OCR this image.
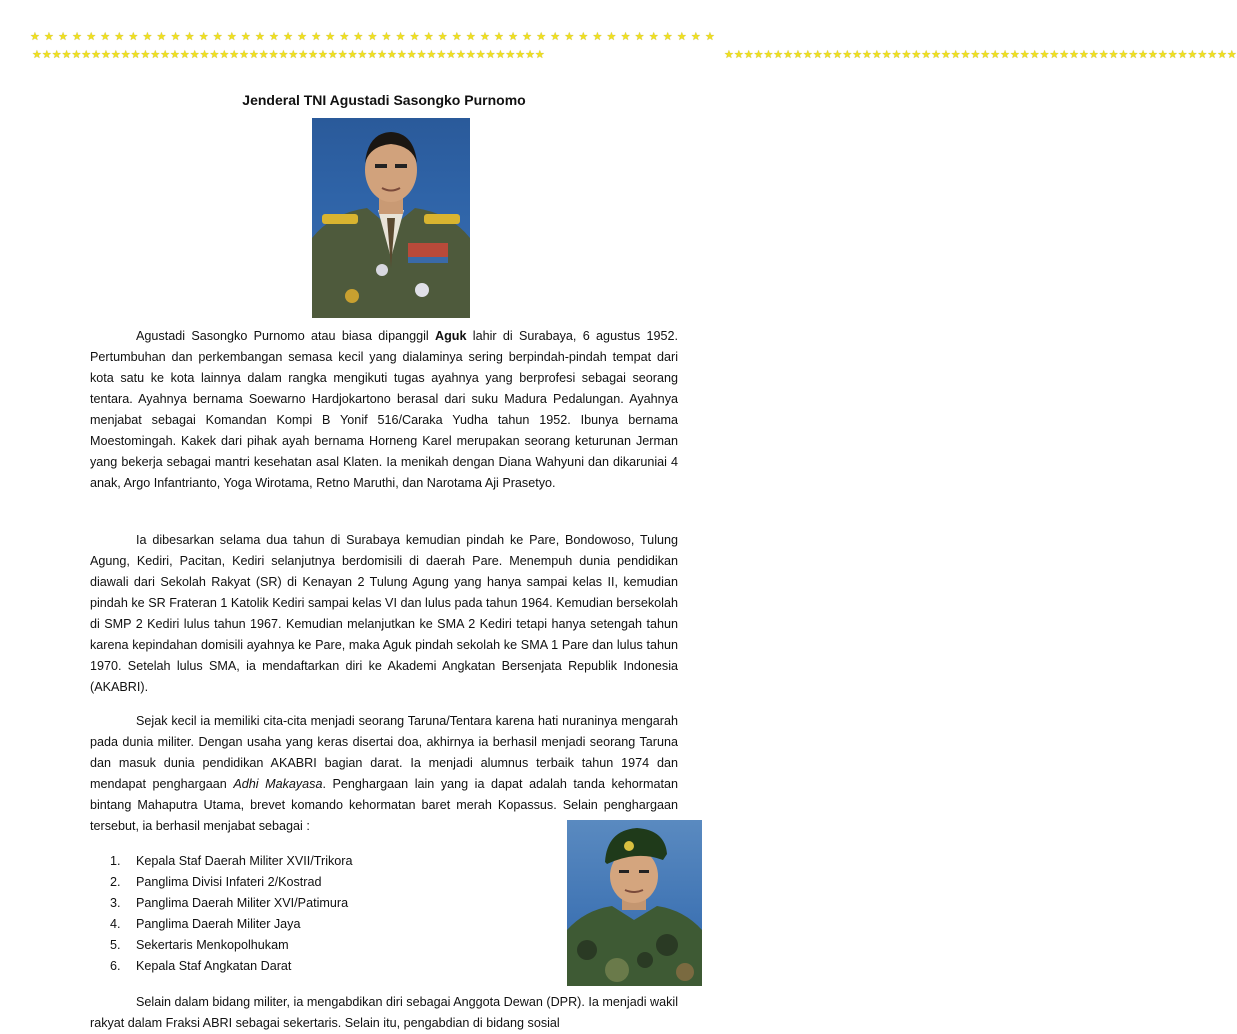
★★★★★★★★★★★★★★★★★★★★★★★★★★★★★★★★★★★★★★★★★★★★★★★★★
★★★★★★★★★★★★★★★★★★★★★★★★★★★★★★★★★★★★★★★★★★★★★★★★★★★★	★★★★★★★★★★★★★★★★★★★★★★★★★★★★★★★★★★★★★★★★★★★★★★★★★★★★
Jenderal TNI Agustadi Sasongko Purnomo
Agustadi Sasongko Purnomo atau biasa dipanggil Aguk lahir di Surabaya, 6 agustus 1952. Pertumbuhan dan perkembangan semasa kecil yang dialaminya sering berpindah-pindah tempat dari kota satu ke kota lainnya dalam rangka mengikuti tugas ayahnya yang berprofesi sebagai seorang tentara. Ayahnya bernama Soewarno Hardjokartono berasal dari suku Madura Pedalungan. Ayahnya menjabat sebagai Komandan Kompi B Yonif 516/Caraka Yudha tahun 1952. Ibunya bernama Moestomingah. Kakek dari pihak ayah bernama Horneng Karel merupakan seorang keturunan Jerman yang bekerja sebagai mantri kesehatan asal Klaten. Ia menikah dengan Diana Wahyuni dan dikaruniai 4 anak, Argo Infantrianto, Yoga Wirotama, Retno Maruthi, dan Narotama Aji Prasetyo.
Ia dibesarkan selama dua tahun di Surabaya kemudian pindah ke Pare, Bondowoso, Tulung Agung, Kediri, Pacitan, Kediri selanjutnya berdomisili di daerah Pare. Menempuh dunia pendidikan diawali dari Sekolah Rakyat (SR) di Kenayan 2 Tulung Agung yang hanya sampai kelas II, kemudian pindah ke SR Frateran 1 Katolik Kediri sampai kelas VI dan lulus pada tahun 1964. Kemudian bersekolah di SMP 2 Kediri lulus tahun 1967. Kemudian melanjutkan ke SMA 2 Kediri tetapi hanya setengah tahun karena kepindahan domisili ayahnya ke Pare, maka Aguk pindah sekolah ke SMA 1 Pare dan lulus tahun 1970. Setelah lulus SMA, ia mendaftarkan diri ke Akademi Angkatan Bersenjata Republik Indonesia (AKABRI).
Sejak kecil ia memiliki cita-cita menjadi seorang Taruna/Tentara karena hati nuraninya mengarah pada dunia militer. Dengan usaha yang keras disertai doa, akhirnya ia berhasil menjadi seorang Taruna dan masuk dunia pendidikan AKABRI bagian darat. Ia menjadi alumnus terbaik tahun 1974 dan mendapat penghargaan Adhi Makayasa. Penghargaan lain yang ia dapat adalah tanda kehormatan bintang Mahaputra Utama, brevet komando kehormatan baret merah Kopassus. Selain penghargaan tersebut, ia berhasil menjabat sebagai :
1.	Kepala Staf Daerah Militer XVII/Trikora
2.	Panglima Divisi Infateri 2/Kostrad
3.	Panglima Daerah Militer XVI/Patimura
4.	Panglima Daerah Militer Jaya
5.	Sekertaris Menkopolhukam
6.	Kepala Staf Angkatan Darat
Selain dalam bidang militer, ia mengabdikan diri sebagai Anggota Dewan (DPR). Ia menjadi wakil rakyat dalam Fraksi ABRI sebagai sekertaris. Selain itu, pengabdian di bidang sosial
